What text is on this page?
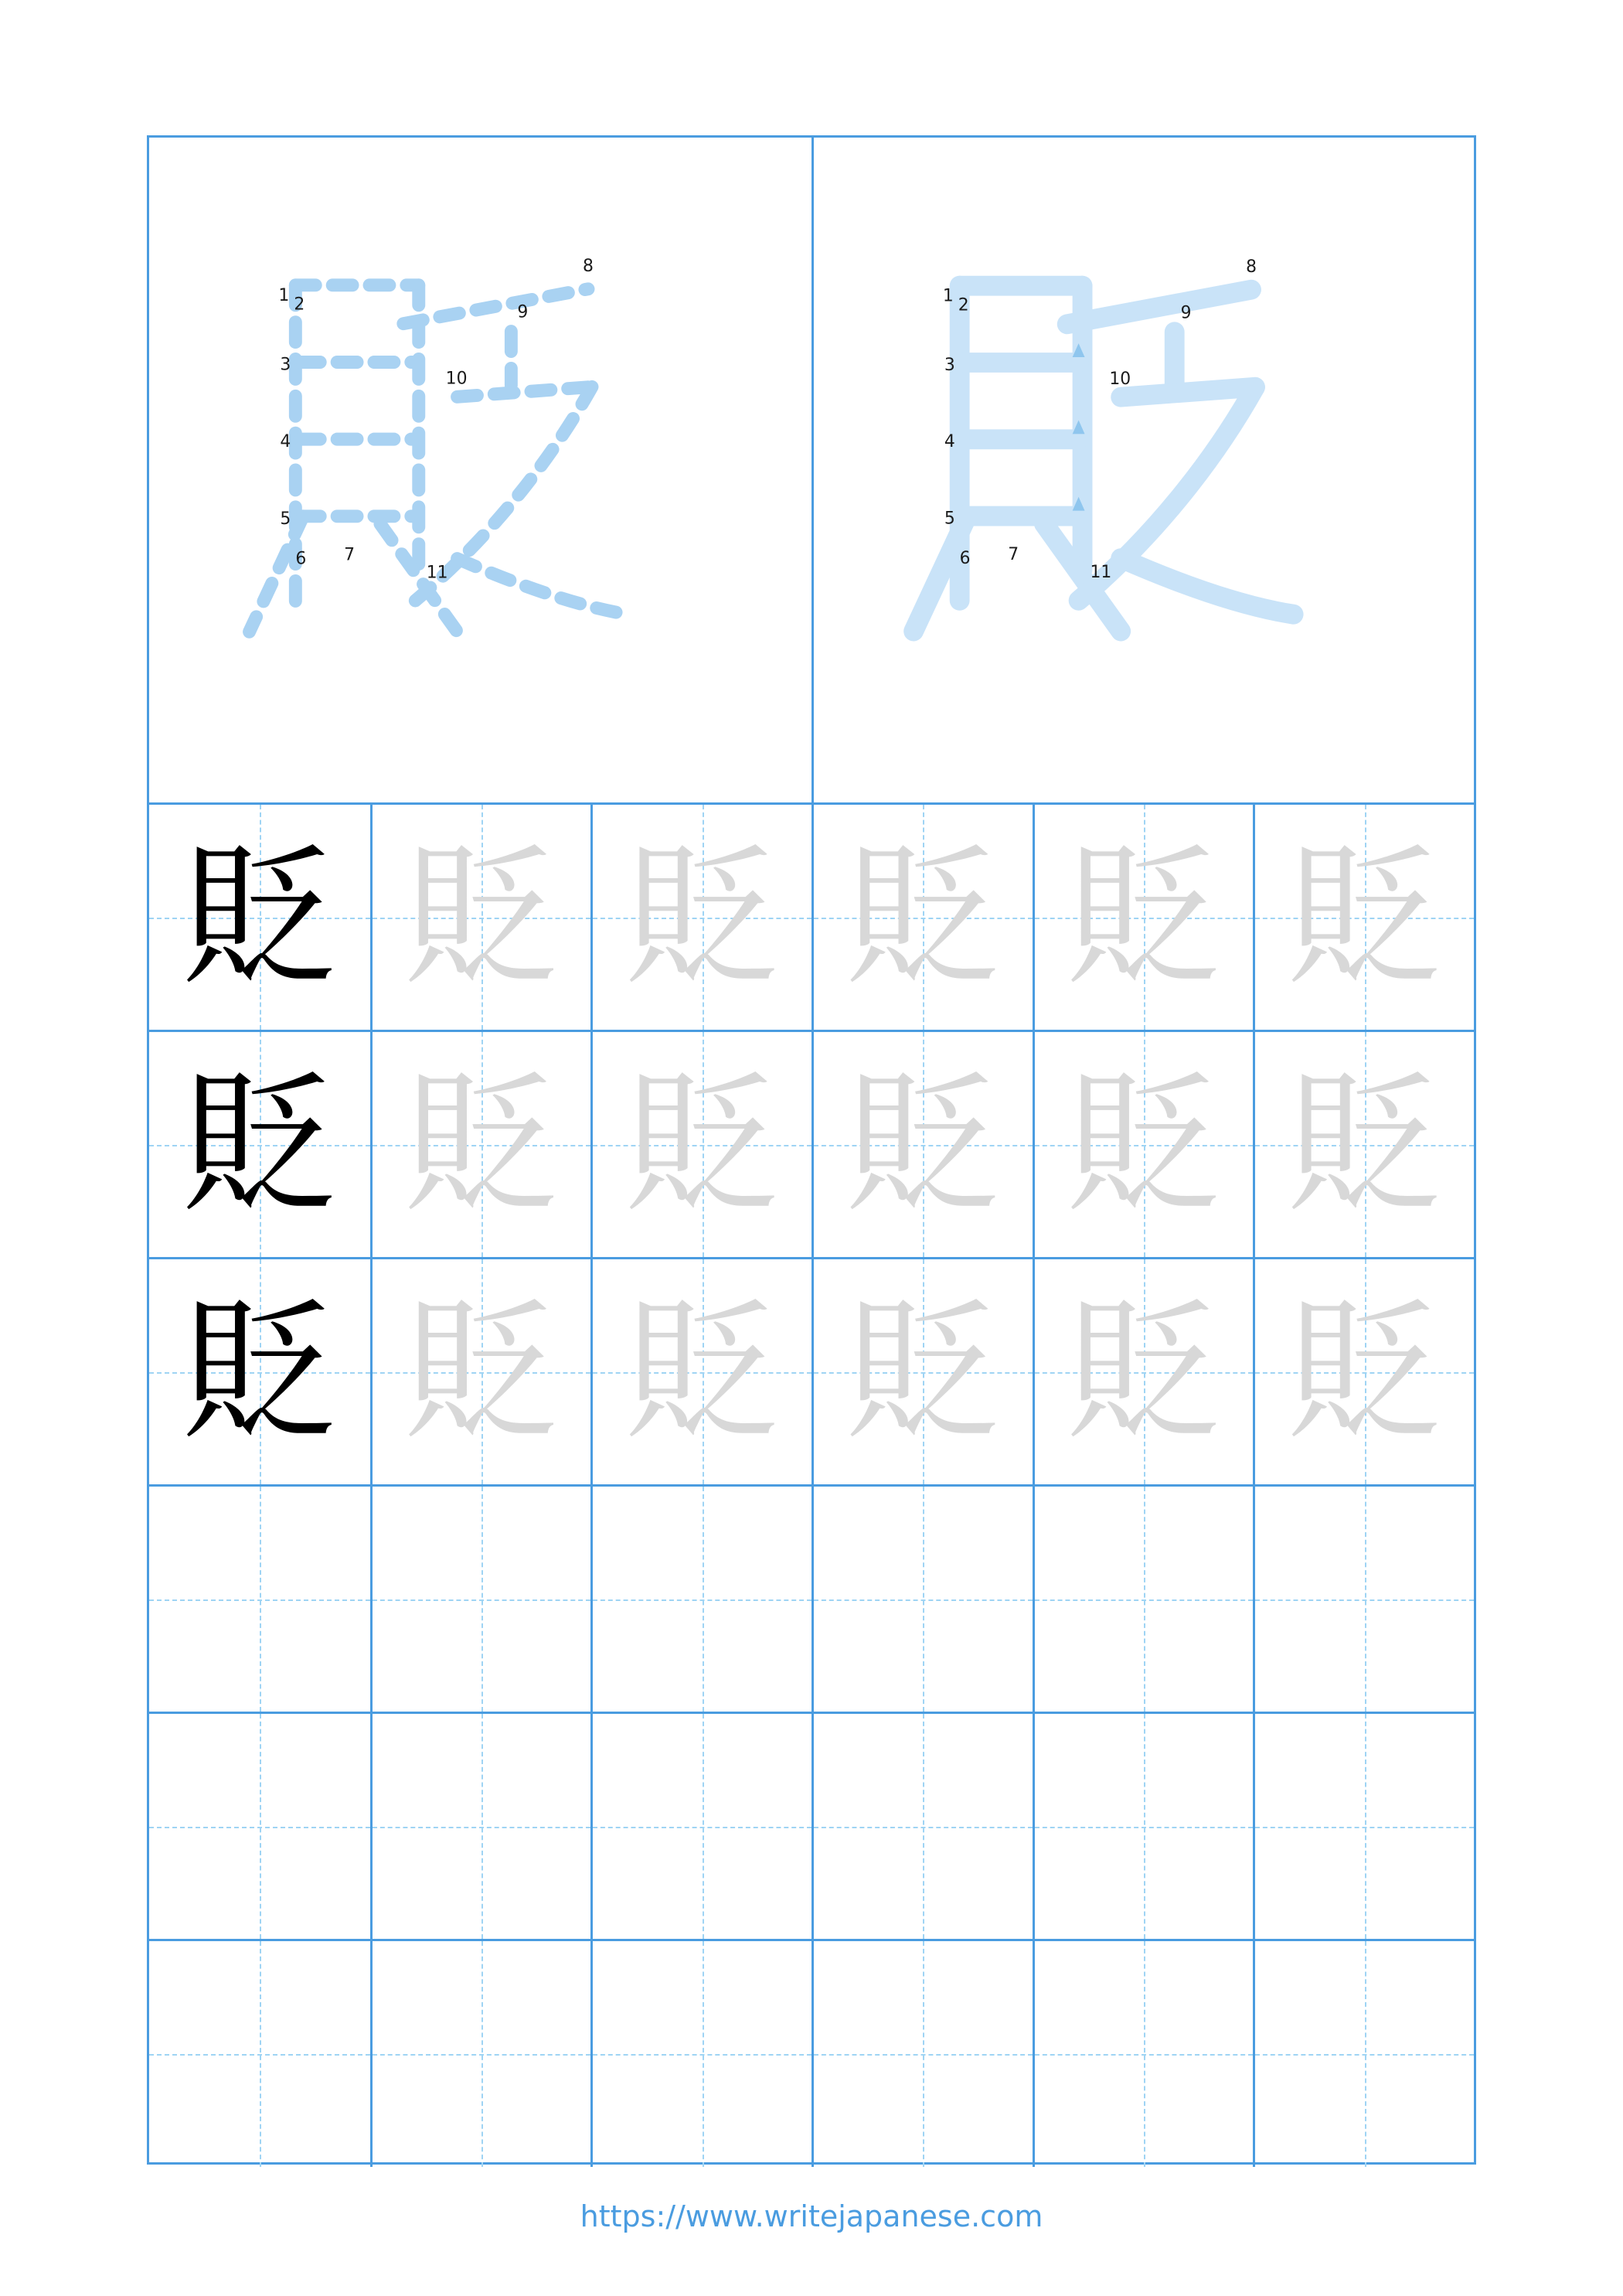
1 2
3
4
5
6 7
8
9
10
11
1 2
3
4
5
6 7
8
9
10
11
貶 貶 貶 貶 貶 貶
貶 貶 貶 貶 貶 貶
貶 貶 貶 貶 貶 貶
https://www.writejapanese.com
